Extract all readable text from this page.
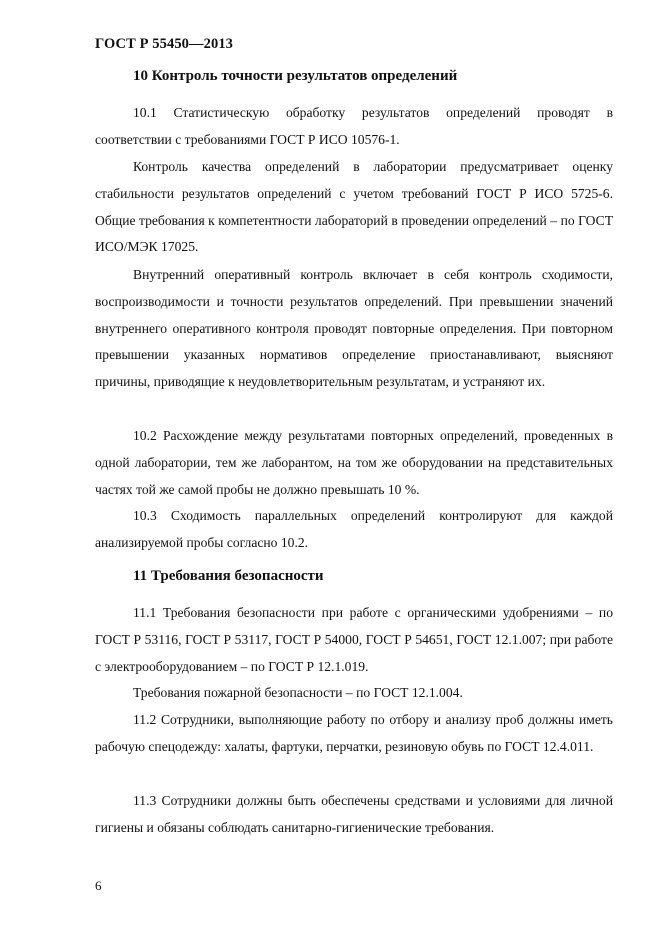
ГОСТ Р 55450—2013
10 Контроль точности результатов определений

10.1 Статистическую обработку результатов определений проводят в соответствии с требованиями ГОСТ Р ИСО 10576-1.

Контроль качества определений в лаборатории предусматривает оценку стабильности результатов определений с учетом требований ГОСТ Р ИСО 5725-6. Общие требования к компетентности лабораторий в проведении определений – по ГОСТ ИСО/МЭК 17025.

Внутренний оперативный контроль включает в себя контроль сходимости, воспроизводимости и точности результатов определений. При превышении значений внутреннего оперативного контроля проводят повторные определения. При повторном превышении указанных нормативов определение приостанавливают, выясняют причины, приводящие к неудовлетворительным результатам, и устраняют их.

10.2 Расхождение между результатами повторных определений, проведенных в одной лаборатории, тем же лаборантом, на том же оборудовании на представительных частях той же самой пробы не должно превышать 10 %.

10.3 Сходимость параллельных определений контролируют для каждой анализируемой пробы согласно 10.2.

11 Требования безопасности

11.1 Требования безопасности при работе с органическими удобрениями – по ГОСТ Р 53116, ГОСТ Р 53117, ГОСТ Р 54000, ГОСТ Р 54651, ГОСТ 12.1.007; при работе с электрооборудованием – по ГОСТ Р 12.1.019.

Требования пожарной безопасности – по ГОСТ 12.1.004.

11.2 Сотрудники, выполняющие работу по отбору и анализу проб должны иметь рабочую спецодежду: халаты, фартуки, перчатки, резиновую обувь по ГОСТ 12.4.011.

11.3 Сотрудники должны быть обеспечены средствами и условиями для личной гигиены и обязаны соблюдать санитарно-гигиенические требования.

6
